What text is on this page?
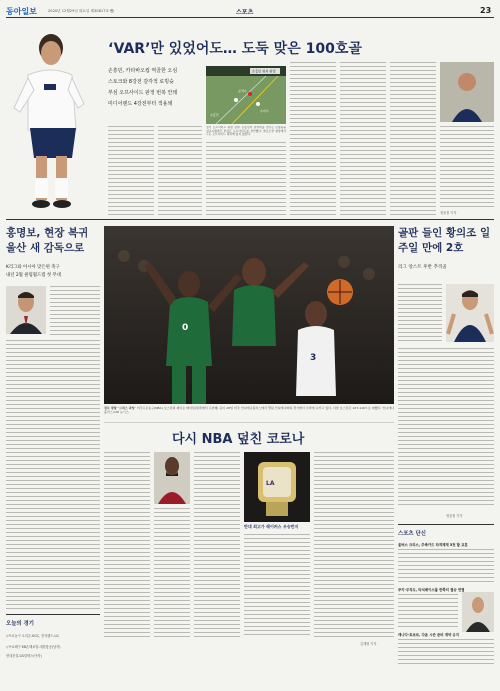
동아일보	2020년 12월29일 화요일 제30817호 ㉿	스포츠	23
‘VAR’만 있었어도… 도둑 맞은 100호골
손흥민, 카타바오컵 역골한 오심
스토크와 8강전 감각적 로빙슛
부심 오프사이드 판정 번복 안돼
미디어랜드 4강전부터 적용돼
손흥민 위치 판정
손흥민
수비수
공격수
경기 오프사이드 판정 장면. 손흥민이 골키퍼를 넘기는 로빙슛을 성공시켰지만 부심은 오프사이드를 선언했다. 슬로모션 영상에서 그는 오프사이드 위치에 있지 않았다.
정윤철 기자
홍명보, 현장 복귀 울산 새 감독으로
K리그와 아시아 맞은편 축구
내년 2월 클럽월드컵 첫 무대
0
3
점프 방향 ‘그치스 과잉’ 미국프로농구(NBA) 보스턴의 제이슨 테이텀(왼쪽에서 두번째) 등이 28일 미국 인디애나폴리스에서 열린 인디애나와의 경기에서 수비에 나서고 있다. 이날 보스턴은 107-116으로 패했다. 인디애나폴리스=AP 뉴시스
골판 들인 황의조 일주일 만에 2호
리그 앙스트 후반 추격골
정윤철 기자
다시 NBA 덮친 코로나
LA
반대 최고가 레이커스 우승반지
김재형 기자
오늘의 경기
▽프로농구 오리온-KGC, 전자랜드-LG
▽프로배구 KB손해보험-대한항공(남자)
현대건설-GS칼텍스(여자)
스포츠 단신
울버스 크리스, 추측카드 타격제재 5천 할 교훈
쿠키-무직도, 타석베이스를 반쪽의 결승 연결
캐나다-로보르, 다음 시즌 준비 계약 유지
